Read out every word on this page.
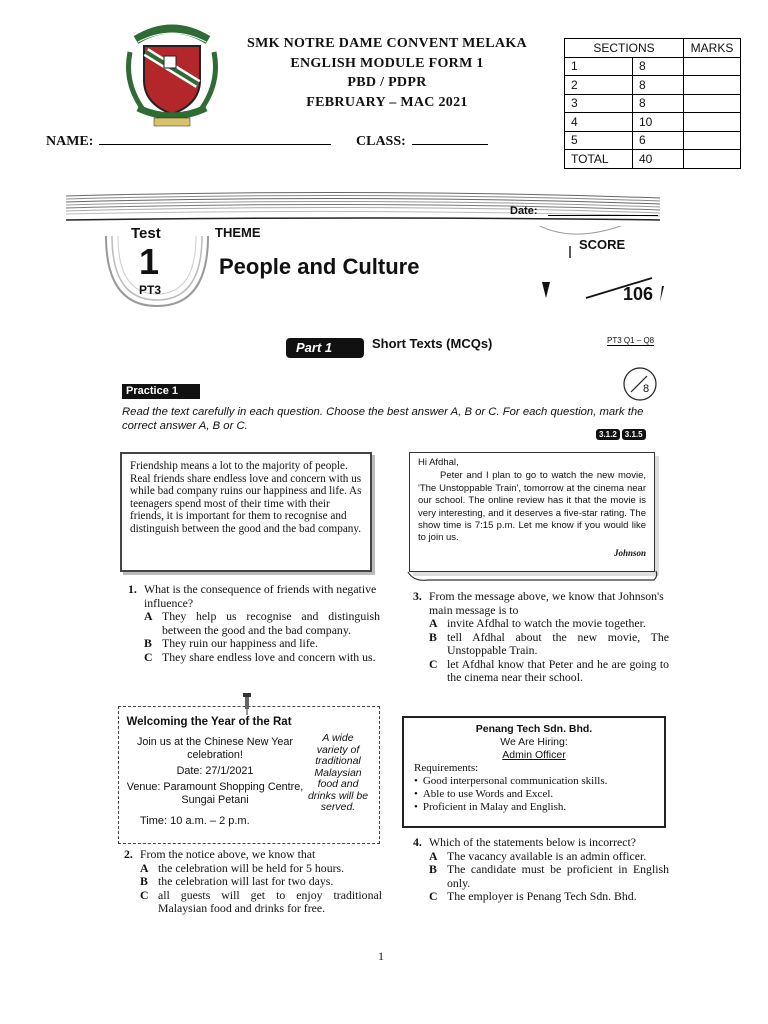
SMK NOTRE DAME CONVENT MELAKA
ENGLISH MODULE FORM 1
PBD / PDPR
FEBRUARY – MAC 2021
NAME:	CLASS:
SECTIONS		MARKS
1	8	
2	8	
3	8	
4	10	
5	6	
TOTAL	40	
Date:
Test
1
PT3
THEME
People and Culture
SCORE
106
Part 1	Short Texts (MCQs)	PT3 Q1 – Q8
Practice 1	8
Read the text carefully in each question. Choose the best answer A, B or C. For each question, mark the correct answer A, B or C.
3.1.2 3.1.5
Friendship means a lot to the majority of people. Real friends share endless love and concern with us while bad company ruins our happiness and life. As teenagers spend most of their time with their friends, it is important for them to recognise and distinguish between the good and the bad company.
Hi Afdhal,
Peter and I plan to go to watch the new movie, 'The Unstoppable Train', tomorrow at the cinema near our school. The online review has it that the movie is very interesting, and it deserves a five-star rating. The show time is 7:15 p.m. Let me know if you would like to join us.
Johnson
1. What is the consequence of friends with negative influence?
A They help us recognise and distinguish between the good and the bad company.
B They ruin our happiness and life.
C They share endless love and concern with us.
3. From the message above, we know that Johnson's main message is to
A invite Afdhal to watch the movie together.
B tell Afdhal about the new movie, The Unstoppable Train.
C let Afdhal know that Peter and he are going to the cinema near their school.
Welcoming the Year of the Rat

Join us at the Chinese New Year celebration!

Date: 27/1/2021

Venue: Paramount Shopping Centre, Sungai Petani

Time: 10 a.m. – 2 p.m.
A wide variety of traditional Malaysian food and drinks will be served.
Penang Tech Sdn. Bhd.
We Are Hiring:
Admin Officer
Requirements:
• Good interpersonal communication skills.
• Able to use Words and Excel.
• Proficient in Malay and English.
4. Which of the statements below is incorrect?
A The vacancy available is an admin officer.
B The candidate must be proficient in English only.
C The employer is Penang Tech Sdn. Bhd.
2. From the notice above, we know that
A the celebration will be held for 5 hours.
B the celebration will last for two days.
C all guests will get to enjoy traditional Malaysian food and drinks for free.
1
